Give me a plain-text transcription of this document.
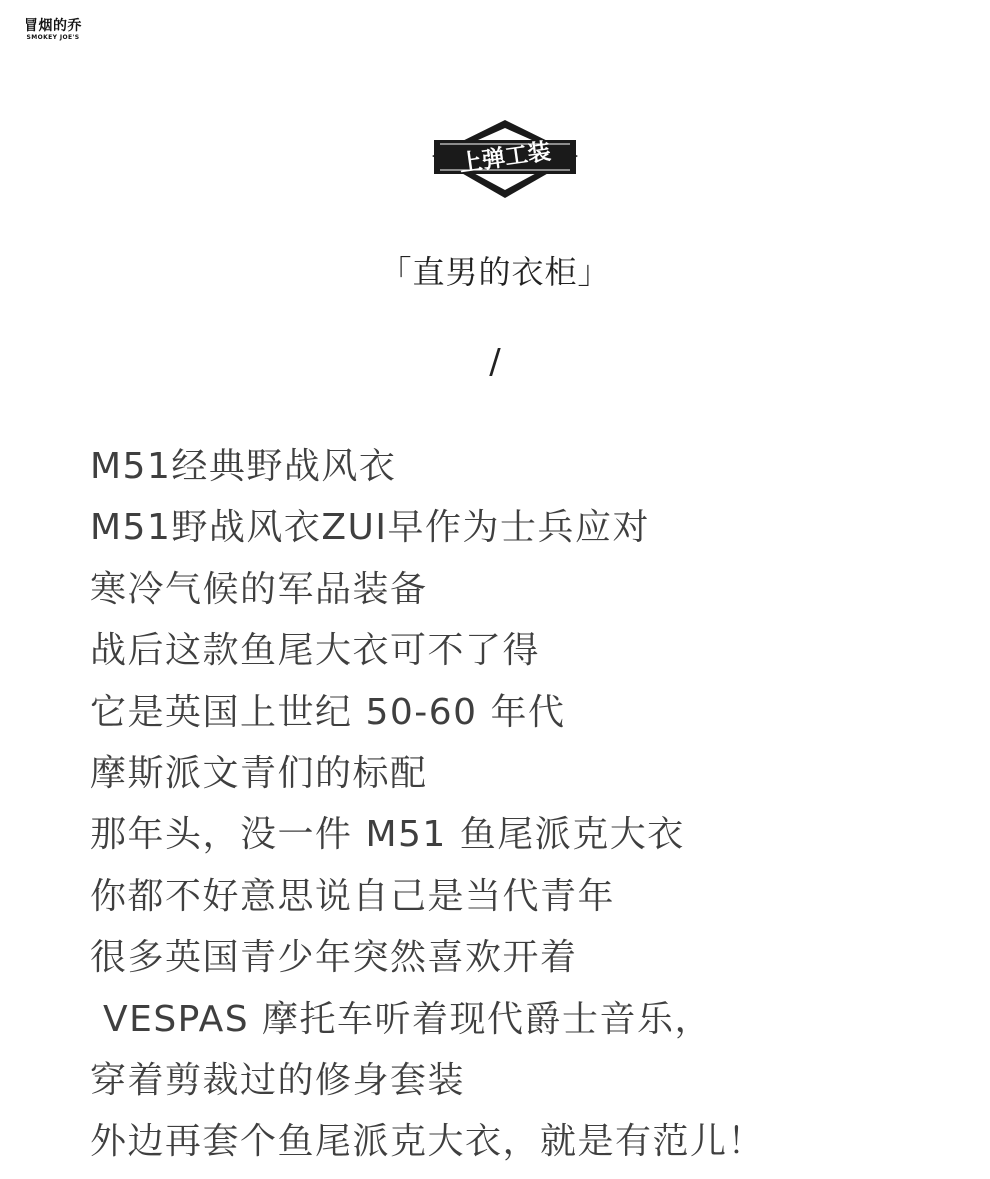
冒烟的乔
SMOKEY JOE'S
上弹工装
「直男的衣柜」
/
M51经典野战风衣
M51野战风衣ZUI早作为士兵应对
寒冷气候的军品装备
战后这款鱼尾大衣可不了得
它是英国上世纪 50-60 年代
摩斯派文青们的标配
那年头，没一件 M51 鱼尾派克大衣
你都不好意思说自己是当代青年
很多英国青少年突然喜欢开着
VESPAS 摩托车听着现代爵士音乐，
穿着剪裁过的修身套装
外边再套个鱼尾派克大衣，就是有范儿！
